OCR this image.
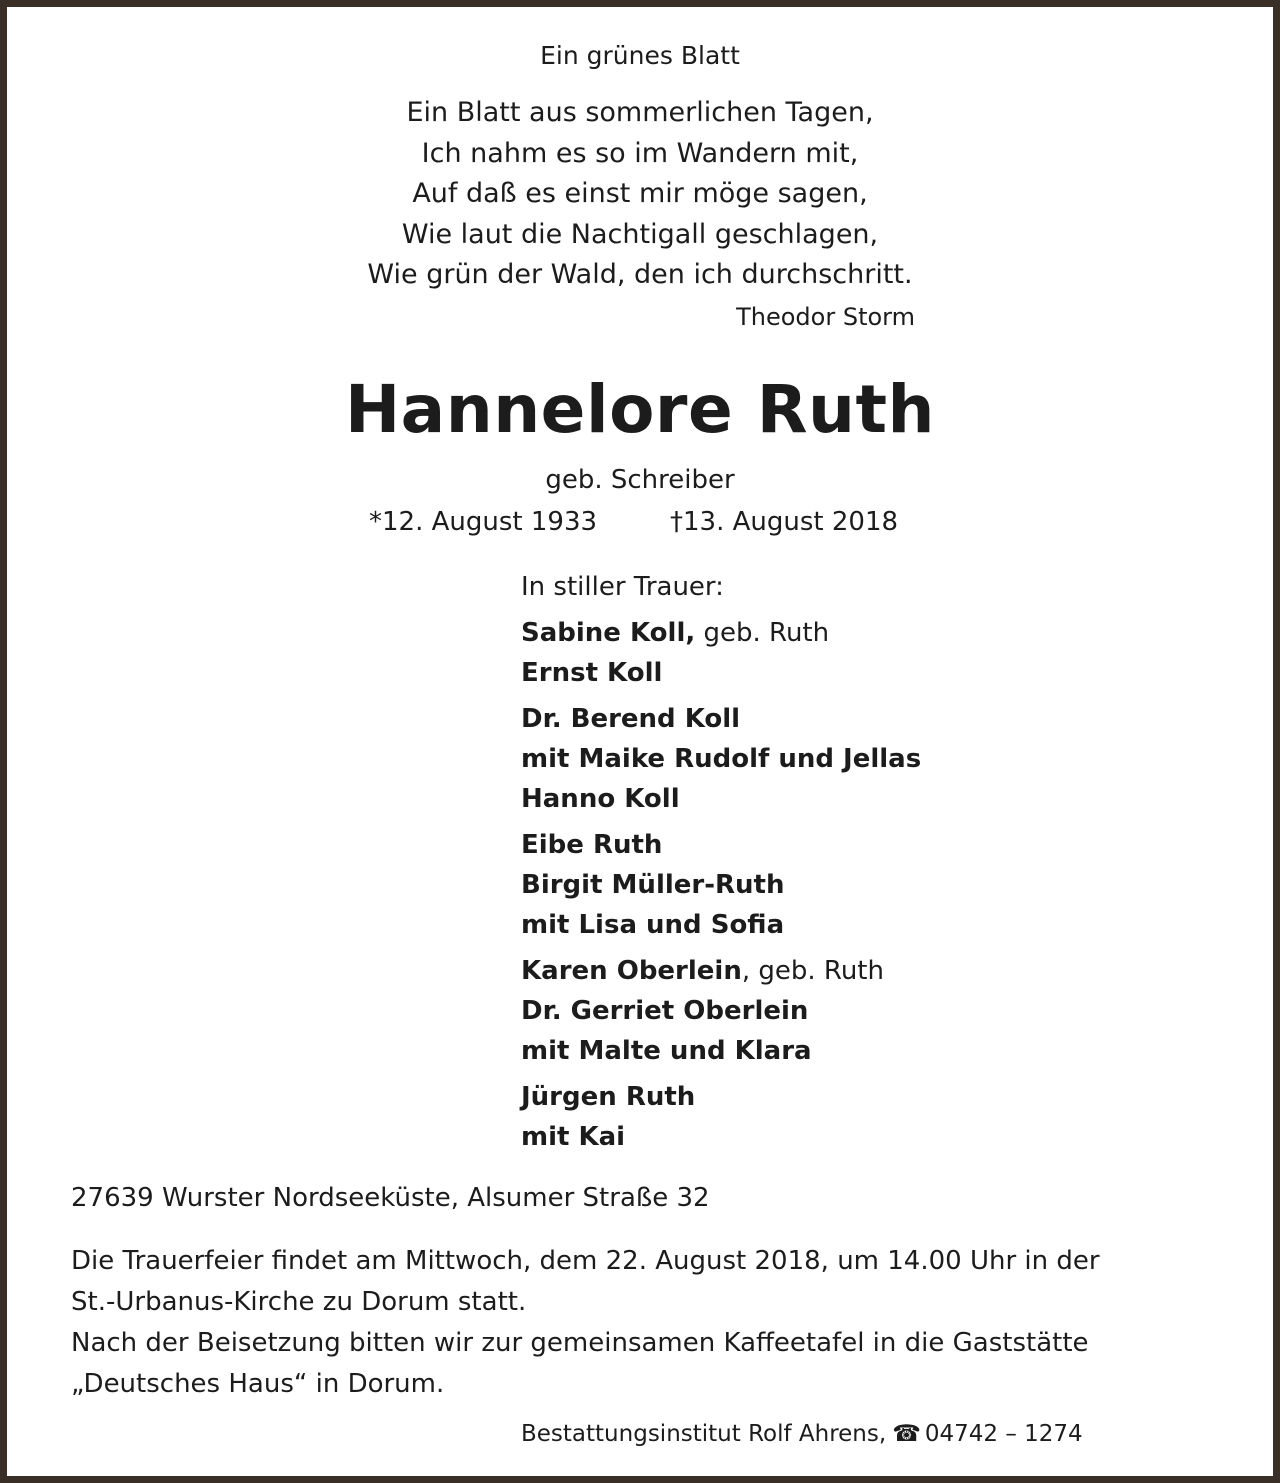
Ein grünes Blatt
Ein Blatt aus sommerlichen Tagen,
Ich nahm es so im Wandern mit,
Auf daß es einst mir möge sagen,
Wie laut die Nachtigall geschlagen,
Wie grün der Wald, den ich durchschritt.
Theodor Storm
Hannelore Ruth
geb. Schreiber
*12. August 1933	†13. August 2018
In stiller Trauer:
Sabine Koll, geb. Ruth
Ernst Koll
Dr. Berend Koll
mit Maike Rudolf und Jellas
Hanno Koll
Eibe Ruth
Birgit Müller-Ruth
mit Lisa und Sofia
Karen Oberlein, geb. Ruth
Dr. Gerriet Oberlein
mit Malte und Klara
Jürgen Ruth
mit Kai
27639 Wurster Nordseeküste, Alsumer Straße 32
Die Trauerfeier findet am Mittwoch, dem 22. August 2018, um 14.00 Uhr in der
St.-Urbanus-Kirche zu Dorum statt.
Nach der Beisetzung bitten wir zur gemeinsamen Kaffeetafel in die Gaststätte
„Deutsches Haus“ in Dorum.
Bestattungsinstitut Rolf Ahrens, ☎ 04742 – 1274
